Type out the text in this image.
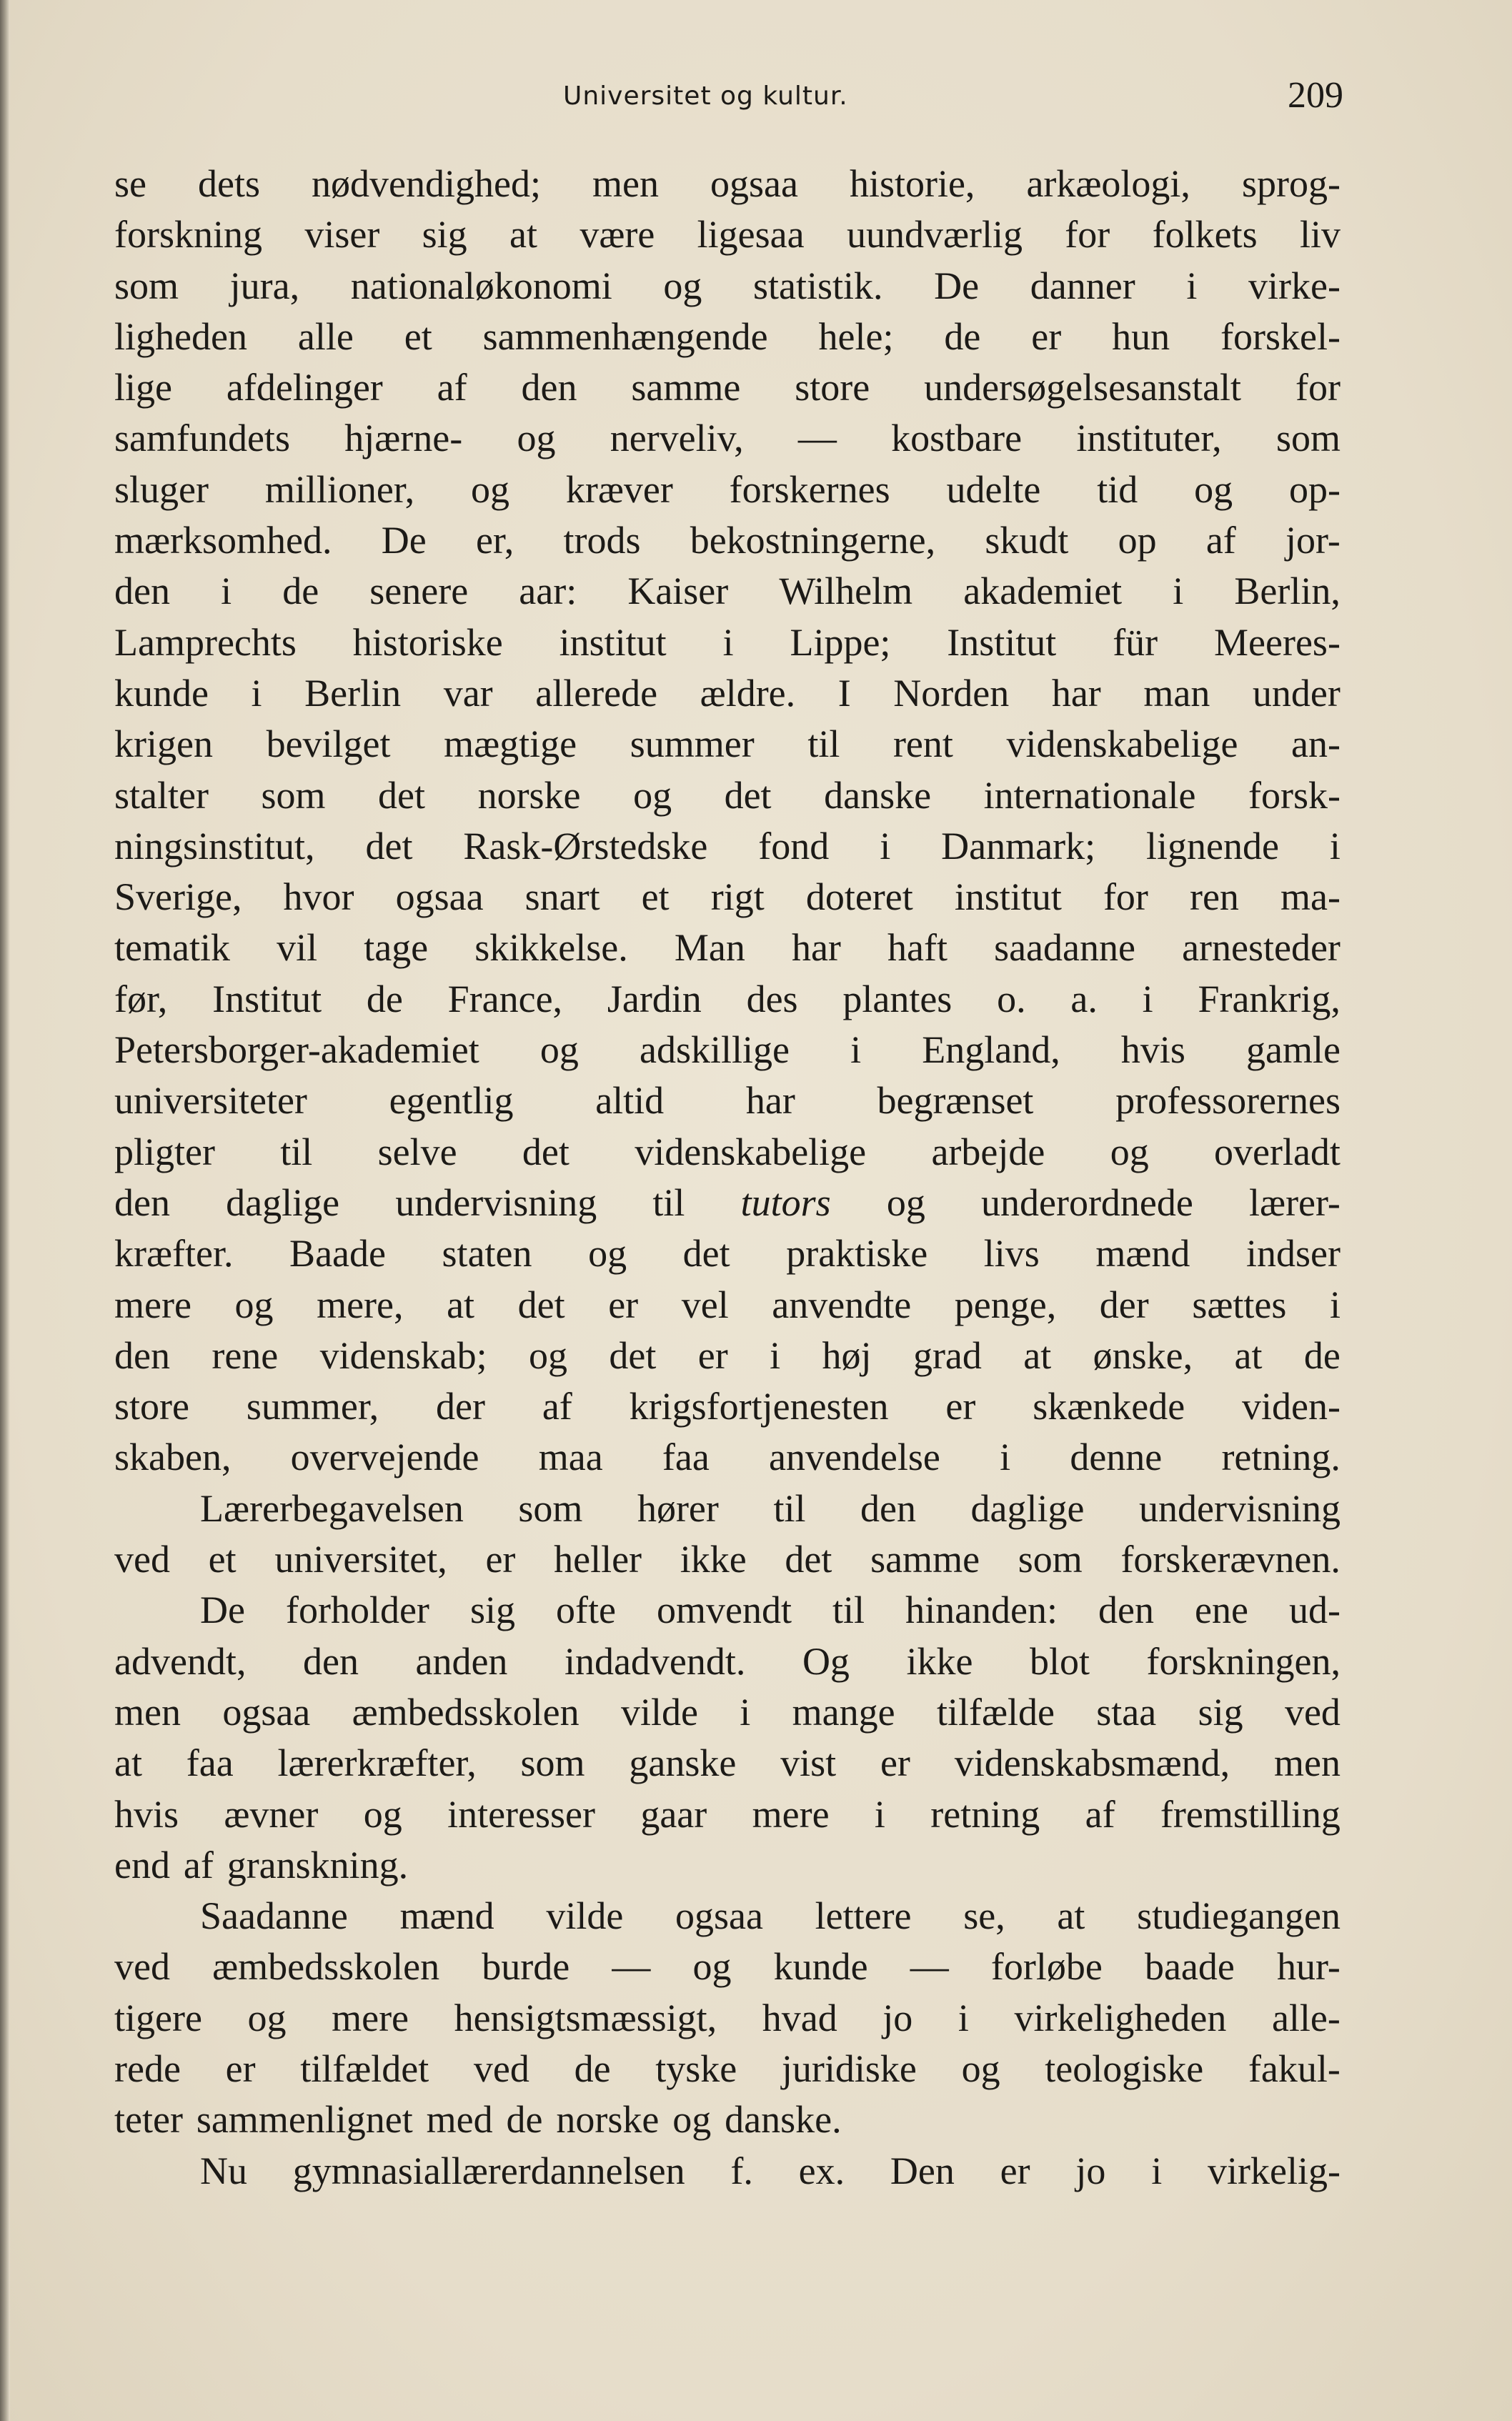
Universitet og kultur.	209
se dets nødvendighed; men ogsaa historie, arkæologi, sprog-
forskning viser sig at være ligesaa uundværlig for folkets liv
som jura, nationaløkonomi og statistik. De danner i virke-
ligheden alle et sammenhængende hele; de er hun forskel-
lige afdelinger af den samme store undersøgelsesanstalt for
samfundets hjærne- og nerveliv, — kostbare instituter, som
sluger millioner, og kræver forskernes udelte tid og op-
mærksomhed. De er, trods bekostningerne, skudt op af jor-
den i de senere aar: Kaiser Wilhelm akademiet i Berlin,
Lamprechts historiske institut i Lippe; Institut für Meeres-
kunde i Berlin var allerede ældre. I Norden har man under
krigen bevilget mægtige summer til rent videnskabelige an-
stalter som det norske og det danske internationale forsk-
ningsinstitut, det Rask-Ørstedske fond i Danmark; lignende i
Sverige, hvor ogsaa snart et rigt doteret institut for ren ma-
tematik vil tage skikkelse. Man har haft saadanne arnesteder
før, Institut de France, Jardin des plantes o. a. i Frankrig,
Petersborger-akademiet og adskillige i England, hvis gamle
universiteter egentlig altid har begrænset professorernes
pligter til selve det videnskabelige arbejde og overladt
den daglige undervisning til tutors og underordnede lærer-
kræfter. Baade staten og det praktiske livs mænd indser
mere og mere, at det er vel anvendte penge, der sættes i
den rene videnskab; og det er i høj grad at ønske, at de
store summer, der af krigsfortjenesten er skænkede viden-
skaben, overvejende maa faa anvendelse i denne retning.
Lærerbegavelsen som hører til den daglige undervisning
ved et universitet, er heller ikke det samme som forskerævnen.
De forholder sig ofte omvendt til hinanden: den ene ud-
advendt, den anden indadvendt. Og ikke blot forskningen,
men ogsaa æmbedsskolen vilde i mange tilfælde staa sig ved
at faa lærerkræfter, som ganske vist er videnskabsmænd, men
hvis ævner og interesser gaar mere i retning af fremstilling
end af granskning.
Saadanne mænd vilde ogsaa lettere se, at studiegangen
ved æmbedsskolen burde — og kunde — forløbe baade hur-
tigere og mere hensigtsmæssigt, hvad jo i virkeligheden alle-
rede er tilfældet ved de tyske juridiske og teologiske fakul-
teter sammenlignet med de norske og danske.
Nu gymnasiallærerdannelsen f. ex. Den er jo i virkelig-
